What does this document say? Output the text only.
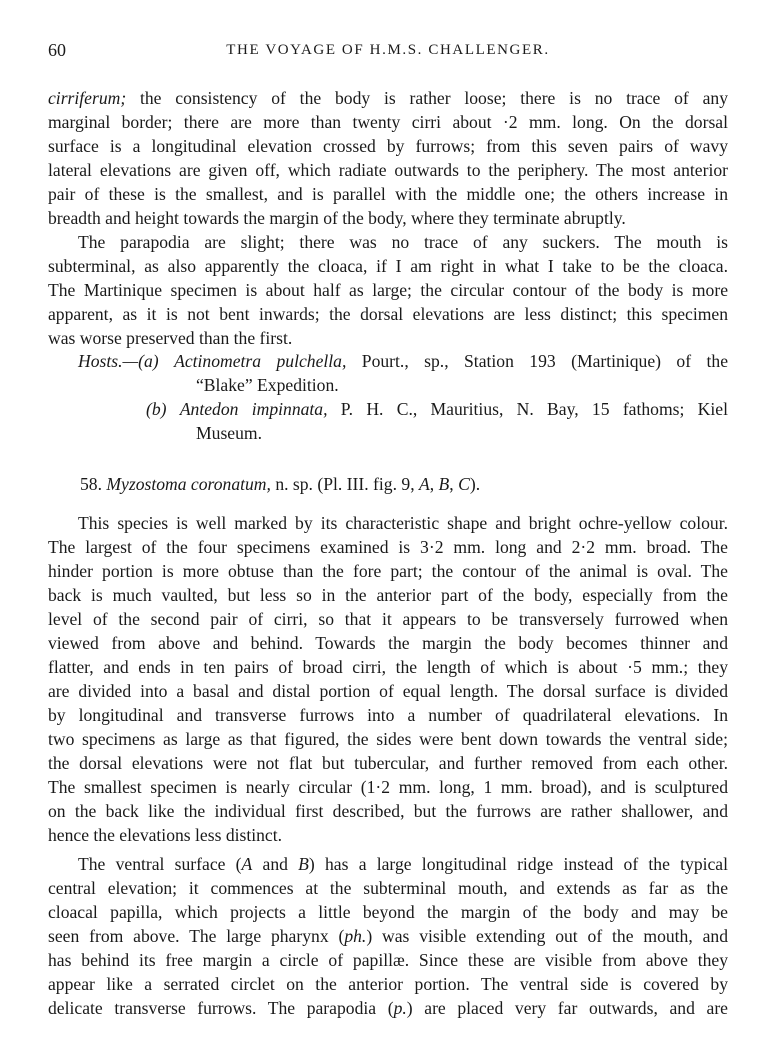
60	THE VOYAGE OF H.M.S. CHALLENGER.
cirriferum; the consistency of the body is rather loose; there is no trace of any
marginal border; there are more than twenty cirri about ·2 mm. long. On the dorsal
surface is a longitudinal elevation crossed by furrows; from this seven pairs of wavy
lateral elevations are given off, which radiate outwards to the periphery. The most anterior
pair of these is the smallest, and is parallel with the middle one; the others increase in
breadth and height towards the margin of the body, where they terminate abruptly.
The parapodia are slight; there was no trace of any suckers. The mouth is
subterminal, as also apparently the cloaca, if I am right in what I take to be the cloaca.
The Martinique specimen is about half as large; the circular contour of the body is more
apparent, as it is not bent inwards; the dorsal elevations are less distinct; this specimen
was worse preserved than the first.
Hosts.—(a) Actinometra pulchella, Pourt., sp., Station 193 (Martinique) of the
“Blake” Expedition.
(b) Antedon impinnata, P. H. C., Mauritius, N. Bay, 15 fathoms; Kiel
Museum.
58. Myzostoma coronatum, n. sp. (Pl. III. fig. 9, A, B, C).
This species is well marked by its characteristic shape and bright ochre-yellow colour.
The largest of the four specimens examined is 3·2 mm. long and 2·2 mm. broad. The
hinder portion is more obtuse than the fore part; the contour of the animal is oval. The
back is much vaulted, but less so in the anterior part of the body, especially from the
level of the second pair of cirri, so that it appears to be transversely furrowed when
viewed from above and behind. Towards the margin the body becomes thinner and
flatter, and ends in ten pairs of broad cirri, the length of which is about ·5 mm.; they
are divided into a basal and distal portion of equal length. The dorsal surface is divided
by longitudinal and transverse furrows into a number of quadrilateral elevations. In
two specimens as large as that figured, the sides were bent down towards the ventral side;
the dorsal elevations were not flat but tubercular, and further removed from each other.
The smallest specimen is nearly circular (1·2 mm. long, 1 mm. broad), and is sculptured
on the back like the individual first described, but the furrows are rather shallower, and
hence the elevations less distinct.
The ventral surface (A and B) has a large longitudinal ridge instead of the typical
central elevation; it commences at the subterminal mouth, and extends as far as the
cloacal papilla, which projects a little beyond the margin of the body and may be
seen from above. The large pharynx (ph.) was visible extending out of the mouth, and
has behind its free margin a circle of papillæ. Since these are visible from above they
appear like a serrated circlet on the anterior portion. The ventral side is covered by
delicate transverse furrows. The parapodia (p.) are placed very far outwards, and are
